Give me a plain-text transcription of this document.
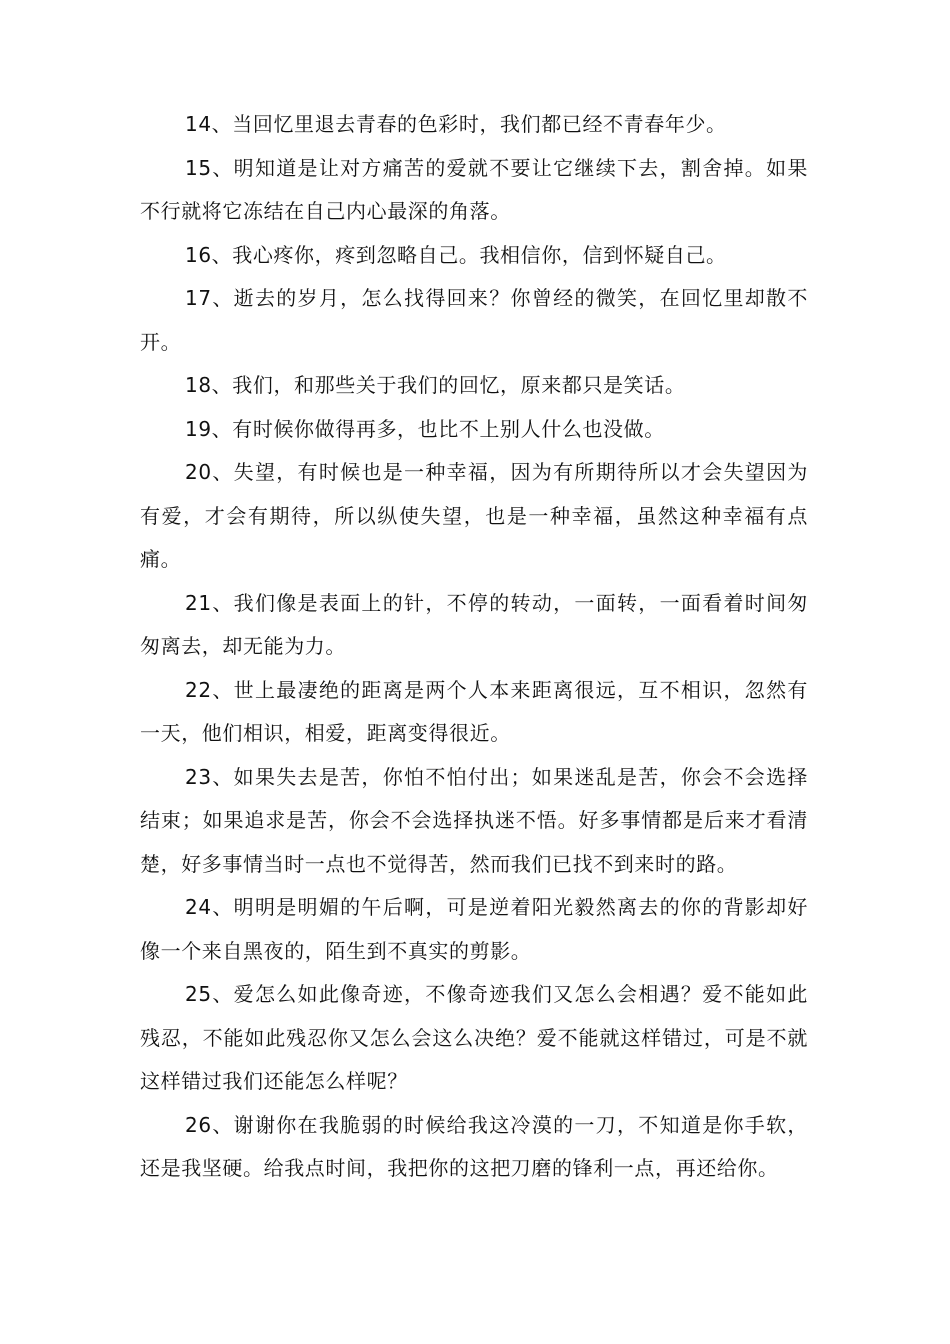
14、当回忆里退去青春的色彩时，我们都已经不青春年少。

15、明知道是让对方痛苦的爱就不要让它继续下去，割舍掉。如果不行就将它冻结在自己内心最深的角落。

16、我心疼你，疼到忽略自己。我相信你，信到怀疑自己。

17、逝去的岁月，怎么找得回来？你曾经的微笑，在回忆里却散不开。

18、我们，和那些关于我们的回忆，原来都只是笑话。

19、有时候你做得再多，也比不上别人什么也没做。

20、失望，有时候也是一种幸福，因为有所期待所以才会失望因为有爱，才会有期待，所以纵使失望，也是一种幸福，虽然这种幸福有点痛。

21、我们像是表面上的针，不停的转动，一面转，一面看着时间匆匆离去，却无能为力。

22、世上最凄绝的距离是两个人本来距离很远，互不相识，忽然有一天，他们相识，相爱，距离变得很近。

23、如果失去是苦，你怕不怕付出；如果迷乱是苦，你会不会选择结束；如果追求是苦，你会不会选择执迷不悟。好多事情都是后来才看清楚，好多事情当时一点也不觉得苦，然而我们已找不到来时的路。

24、明明是明媚的午后啊，可是逆着阳光毅然离去的你的背影却好像一个来自黑夜的，陌生到不真实的剪影。

25、爱怎么如此像奇迹，不像奇迹我们又怎么会相遇？爱不能如此残忍，不能如此残忍你又怎么会这么决绝？爱不能就这样错过，可是不就这样错过我们还能怎么样呢？

26、谢谢你在我脆弱的时候给我这冷漠的一刀，不知道是你手软，还是我坚硬。给我点时间，我把你的这把刀磨的锋利一点，再还给你。
